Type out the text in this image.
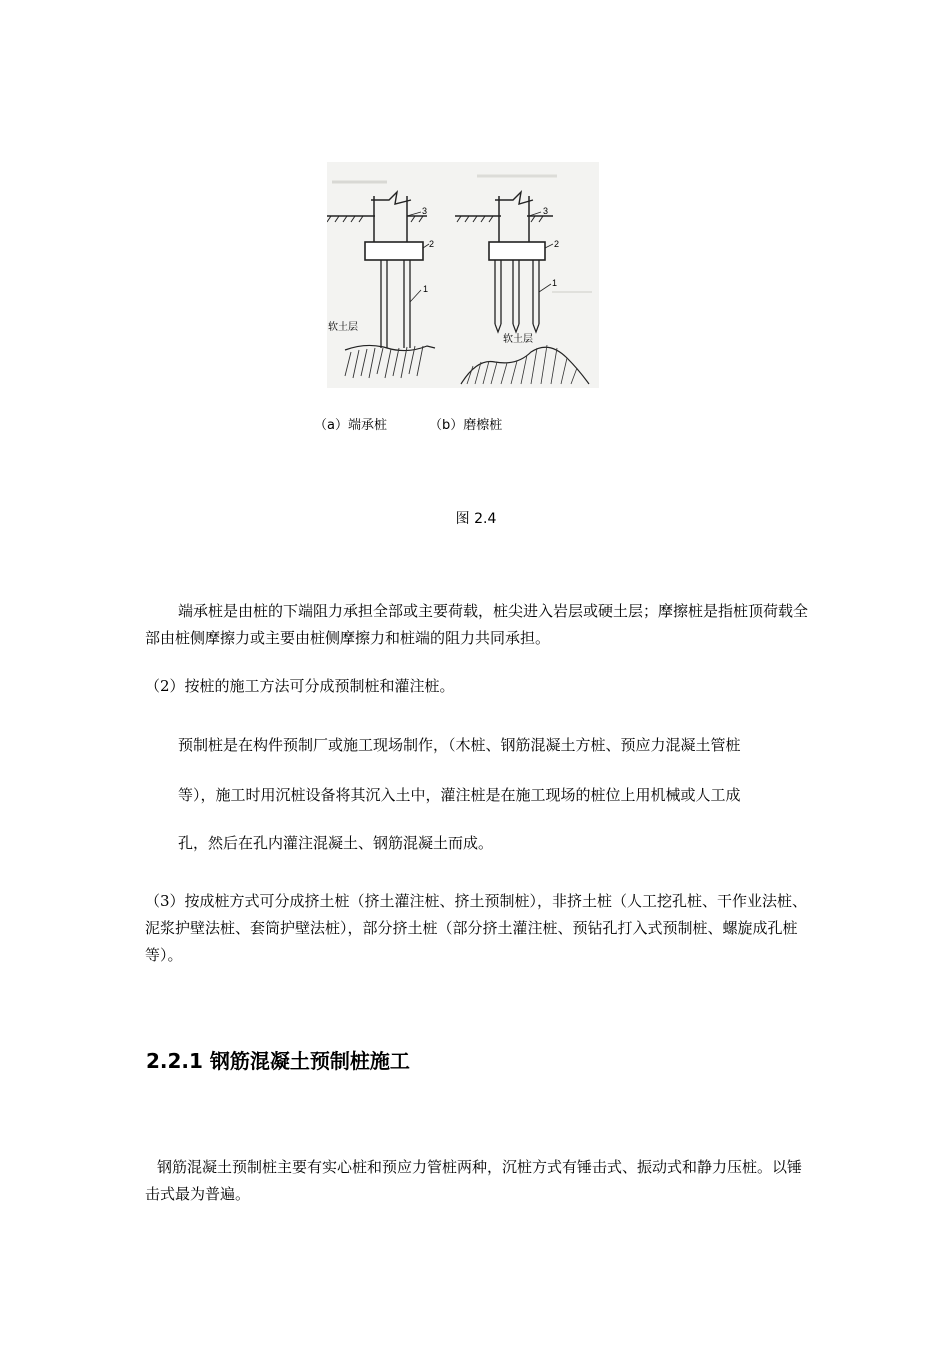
3
2
1
软土层
3
2
1
软土层
（a）端承桩	（b）磨檫桩
图 2.4

端承桩是由桩的下端阻力承担全部或主要荷载，桩尖进入岩层或硬土层；摩擦桩是指桩顶荷载全部由桩侧摩擦力或主要由桩侧摩擦力和桩端的阻力共同承担。

（2）按桩的施工方法可分成预制桩和灌注桩。

预制桩是在构件预制厂或施工现场制作，（木桩、钢筋混凝土方桩、预应力混凝土管桩
等），施工时用沉桩设备将其沉入土中，灌注桩是在施工现场的桩位上用机械或人工成
孔，然后在孔内灌注混凝土、钢筋混凝土而成。

（3）按成桩方式可分成挤土桩（挤土灌注桩、挤土预制桩），非挤土桩（人工挖孔桩、干作业法桩、泥浆护壁法桩、套筒护壁法桩），部分挤土桩（部分挤土灌注桩、预钻孔打入式预制桩、螺旋成孔桩等）。

2.2.1 钢筋混凝土预制桩施工

钢筋混凝土预制桩主要有实心桩和预应力管桩两种，沉桩方式有锤击式、振动式和静力压桩。以锤击式最为普遍。
